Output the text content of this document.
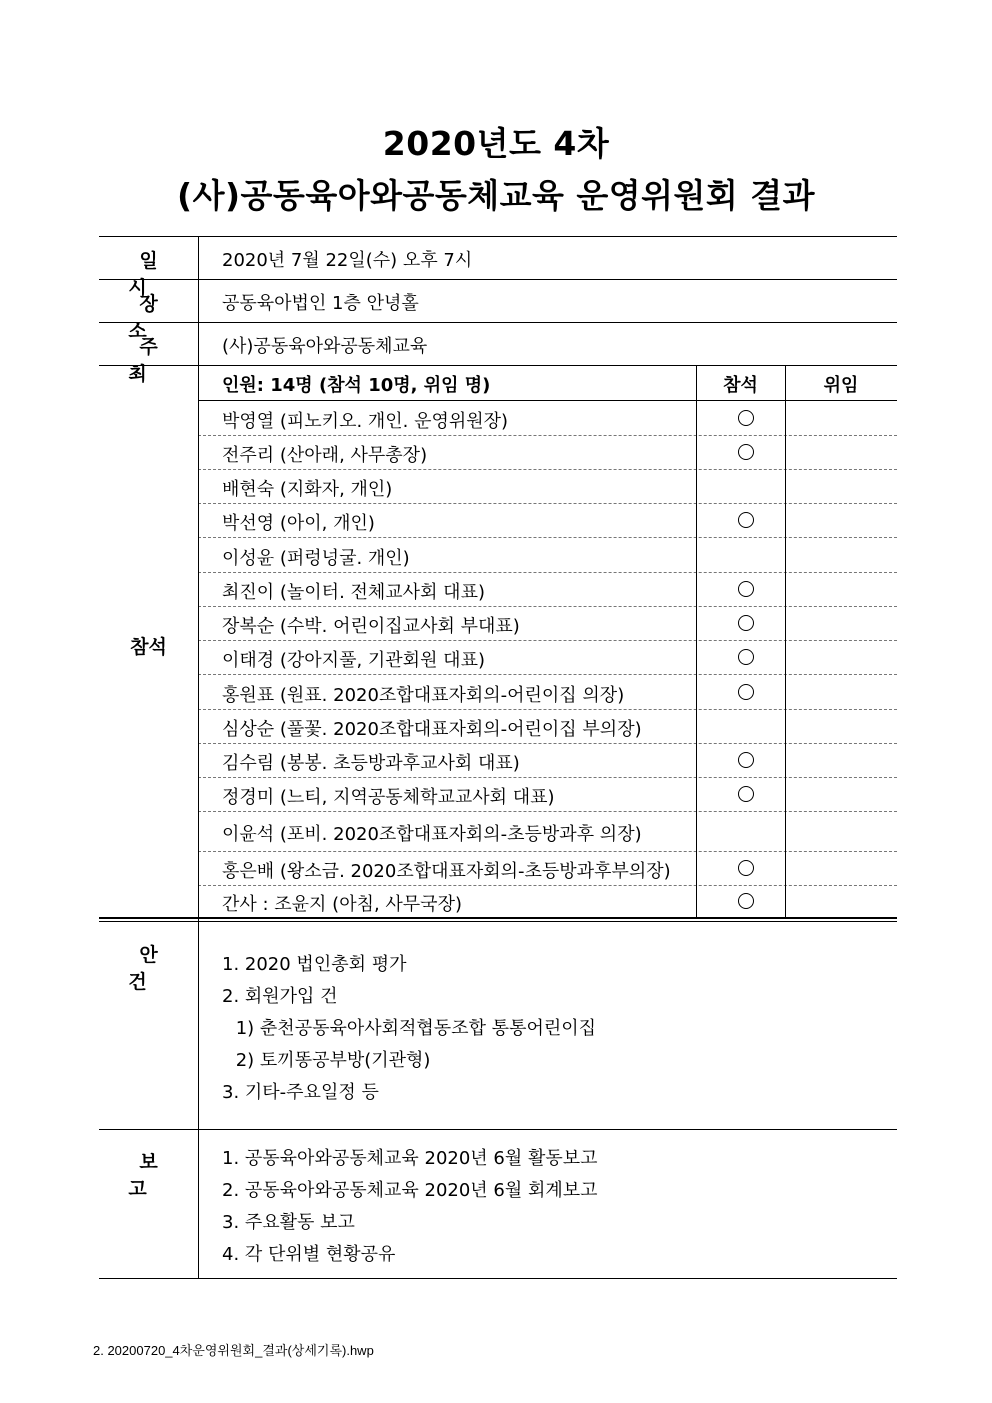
2020년도 4차
(사)공동육아와공동체교육 운영위원회 결과
일 시
2020년 7월 22일(수) 오후 7시
장 소
공동육아법인 1층 안녕홀
주 최
(사)공동육아와공동체교육
참석
인원: 14명 (참석 10명, 위임 명)	참석	위임
박영열 (피노키오. 개인. 운영위원장)
전주리 (산아래, 사무총장)
배현숙 (지화자, 개인)
박선영 (아이, 개인)
이성윤 (퍼렁넝굴. 개인)
최진이 (놀이터. 전체교사회 대표)
장복순 (수박. 어린이집교사회 부대표)
이태경 (강아지풀, 기관회원 대표)
홍원표 (원표. 2020조합대표자회의-어린이집 의장)
심상순 (풀꽃. 2020조합대표자회의-어린이집 부의장)
김수림 (봉봉. 초등방과후교사회 대표)
정경미 (느티, 지역공동체학교교사회 대표)
이윤석 (포비. 2020조합대표자회의-초등방과후 의장)
홍은배 (왕소금. 2020조합대표자회의-초등방과후부의장)
간사 : 조윤지 (아침, 사무국장)
안 건
1. 2020 법인총회 평가
2. 회원가입 건
1) 춘천공동육아사회적협동조합 통통어린이집
2) 토끼똥공부방(기관형)
3. 기타-주요일정 등
보 고
1. 공동육아와공동체교육 2020년 6월 활동보고
2. 공동육아와공동체교육 2020년 6월 회계보고
3. 주요활동 보고
4. 각 단위별 현황공유
2. 20200720_4차운영위원회_결과(상세기록).hwp
